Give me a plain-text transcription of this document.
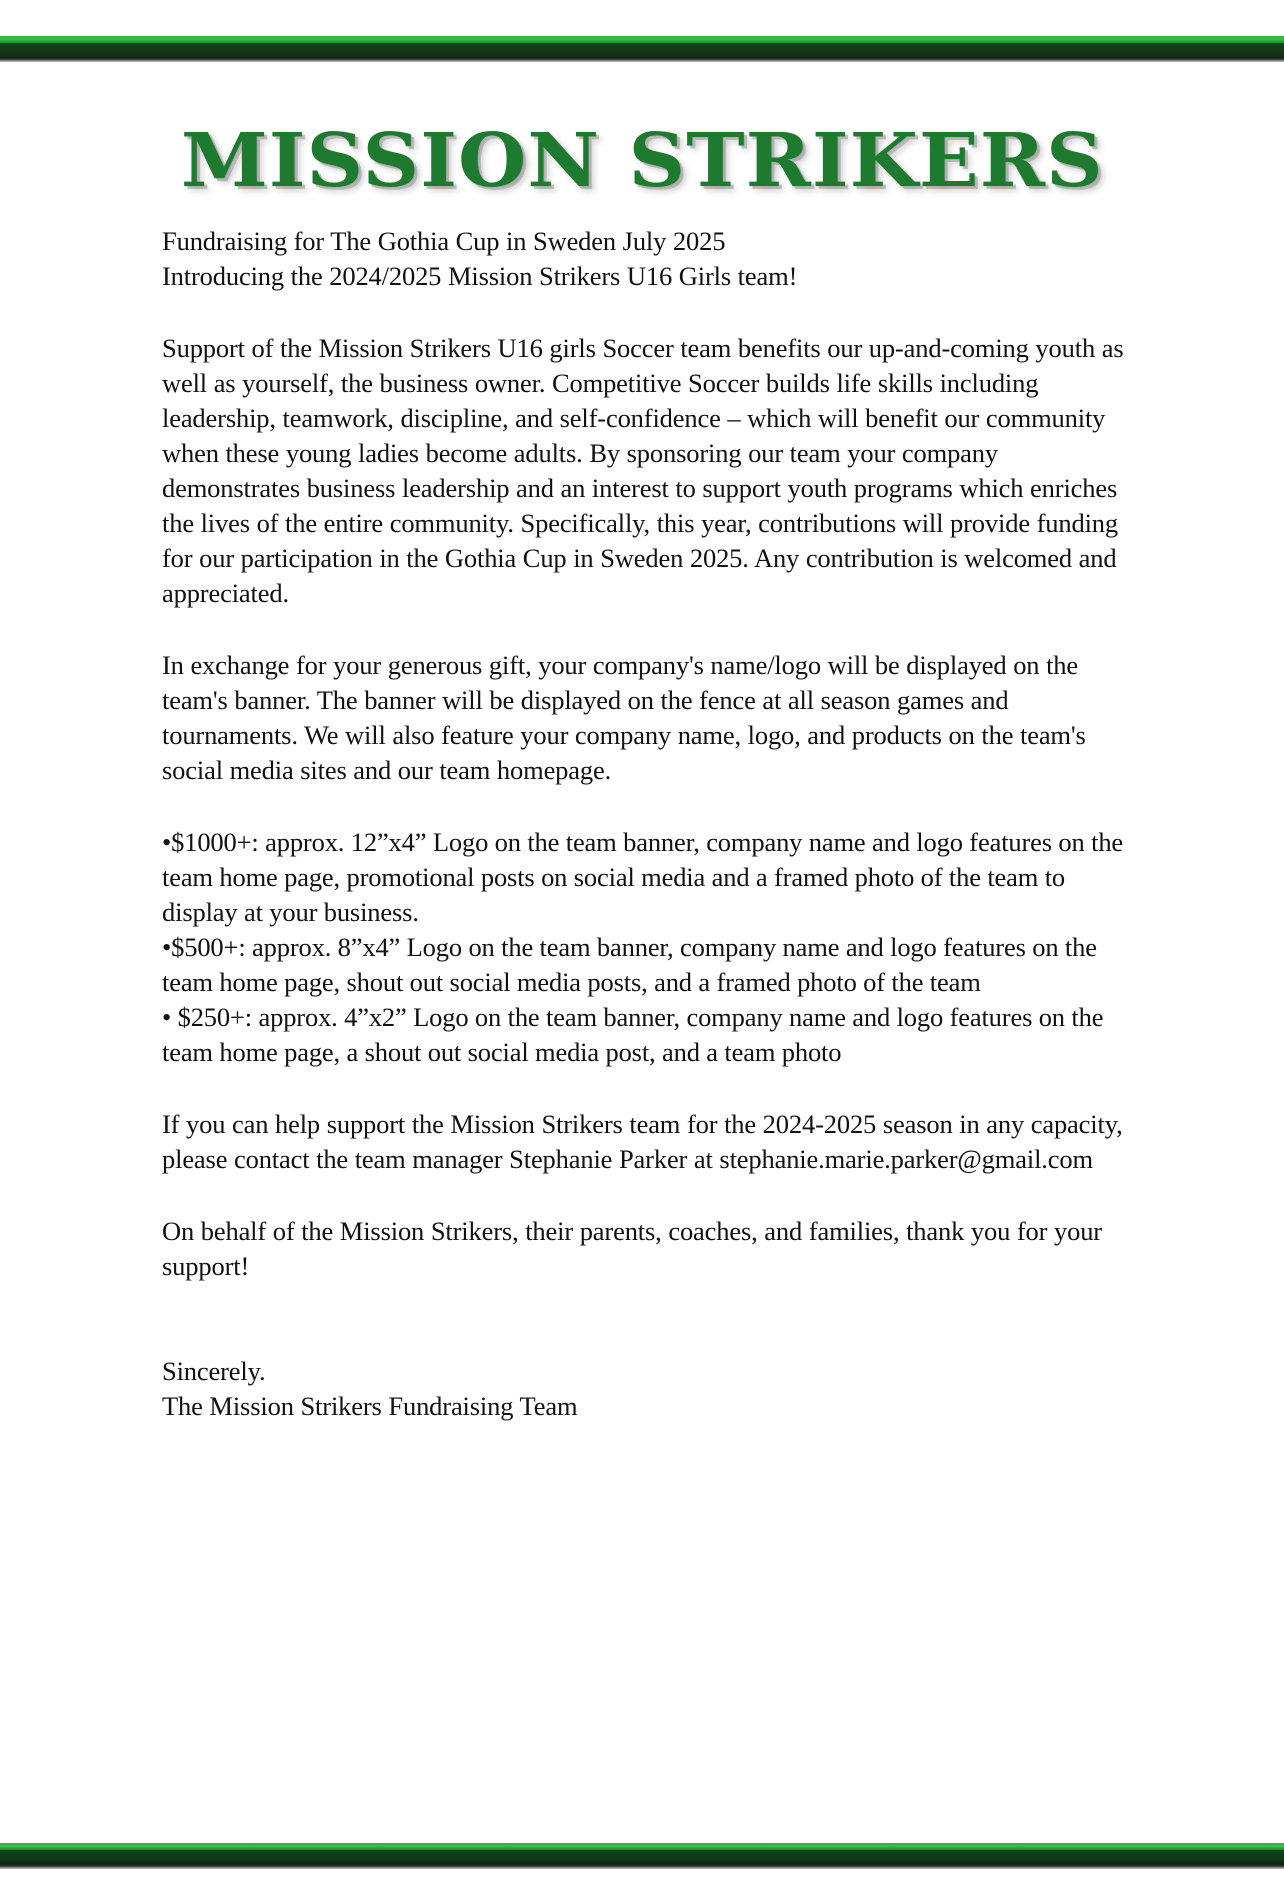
MISSION STRIKERS

Fundraising for The Gothia Cup in Sweden July 2025

Introducing the 2024/2025 Mission Strikers U16 Girls team!

Support of the Mission Strikers U16 girls Soccer team benefits our up-and-coming youth as well as yourself, the business owner. Competitive Soccer builds life skills including leadership, teamwork, discipline, and self-confidence – which will benefit our community when these young ladies become adults. By sponsoring our team your company demonstrates business leadership and an interest to support youth programs which enriches the lives of the entire community. Specifically, this year, contributions will provide funding for our participation in the Gothia Cup in Sweden 2025. Any contribution is welcomed and appreciated.

In exchange for your generous gift, your company's name/logo will be displayed on the team's banner. The banner will be displayed on the fence at all season games and tournaments. We will also feature your company name, logo, and products on the team's social media sites and our team homepage.

•$1000+: approx. 12”x4” Logo on the team banner, company name and logo features on the team home page, promotional posts on social media and a framed photo of the team to display at your business.

•$500+: approx. 8”x4” Logo on the team banner, company name and logo features on the team home page, shout out social media posts, and a framed photo of the team

• $250+: approx. 4”x2” Logo on the team banner, company name and logo features on the team home page, a shout out social media post, and a team photo

If you can help support the Mission Strikers team for the 2024-2025 season in any capacity, please contact the team manager Stephanie Parker at stephanie.marie.parker@gmail.com

On behalf of the Mission Strikers, their parents, coaches, and families, thank you for your support!

Sincerely.

The Mission Strikers Fundraising Team
